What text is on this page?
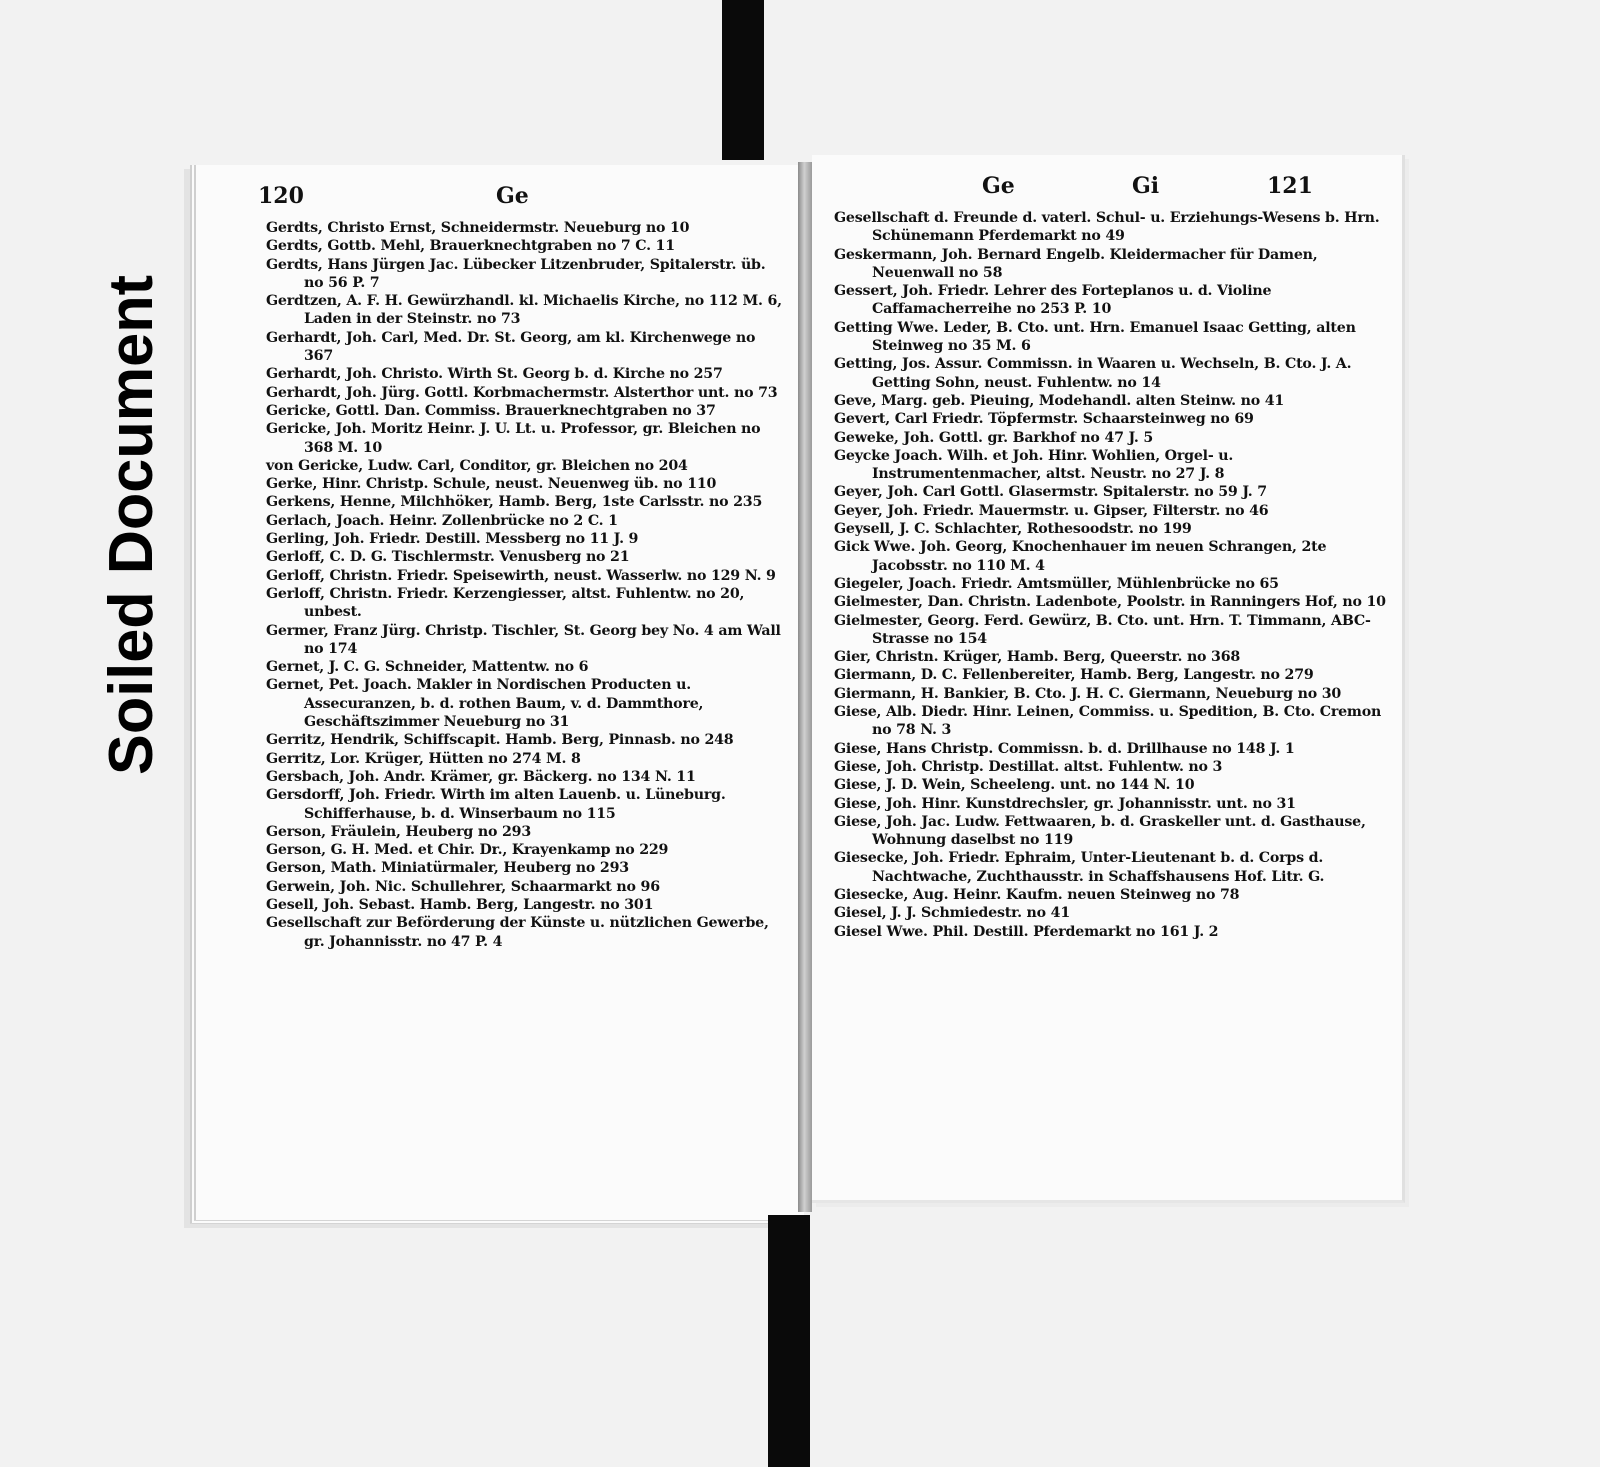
Soiled Document
120	Ge

Gerdts, Christo Ernst, Schneidermstr. Neueburg no 10

Gerdts, Gottb. Mehl, Brauerknechtgraben no 7 C. 11

Gerdts, Hans Jürgen Jac. Lübecker Litzenbruder, Spitalerstr. üb. no 56 P. 7

Gerdtzen, A. F. H. Gewürzhandl. kl. Michaelis Kirche, no 112 M. 6, Laden in der Steinstr. no 73

Gerhardt, Joh. Carl, Med. Dr. St. Georg, am kl. Kirchenwege no 367

Gerhardt, Joh. Christo. Wirth St. Georg b. d. Kirche no 257

Gerhardt, Joh. Jürg. Gottl. Korbmachermstr. Alsterthor unt. no 73

Gericke, Gottl. Dan. Commiss. Brauerknechtgraben no 37

Gericke, Joh. Moritz Heinr. J. U. Lt. u. Professor, gr. Bleichen no 368 M. 10

von Gericke, Ludw. Carl, Conditor, gr. Bleichen no 204

Gerke, Hinr. Christp. Schule, neust. Neuenweg üb. no 110

Gerkens, Henne, Milchhöker, Hamb. Berg, 1ste Carlsstr. no 235

Gerlach, Joach. Heinr. Zollenbrücke no 2 C. 1

Gerling, Joh. Friedr. Destill. Messberg no 11 J. 9

Gerloff, C. D. G. Tischlermstr. Venusberg no 21

Gerloff, Christn. Friedr. Speisewirth, neust. Wasserlw. no 129 N. 9

Gerloff, Christn. Friedr. Kerzengiesser, altst. Fuhlentw. no 20, unbest.

Germer, Franz Jürg. Christp. Tischler, St. Georg bey No. 4 am Wall no 174

Gernet, J. C. G. Schneider, Mattentw. no 6

Gernet, Pet. Joach. Makler in Nordischen Producten u. Assecuranzen, b. d. rothen Baum, v. d. Dammthore, Geschäftszimmer Neueburg no 31

Gerritz, Hendrik, Schiffscapit. Hamb. Berg, Pinnasb. no 248

Gerritz, Lor. Krüger, Hütten no 274 M. 8

Gersbach, Joh. Andr. Krämer, gr. Bäckerg. no 134 N. 11

Gersdorff, Joh. Friedr. Wirth im alten Lauenb. u. Lüneburg. Schifferhause, b. d. Winserbaum no 115

Gerson, Fräulein, Heuberg no 293

Gerson, G. H. Med. et Chir. Dr., Krayenkamp no 229

Gerson, Math. Miniatürmaler, Heuberg no 293

Gerwein, Joh. Nic. Schullehrer, Schaarmarkt no 96

Gesell, Joh. Sebast. Hamb. Berg, Langestr. no 301

Gesellschaft zur Beförderung der Künste u. nützlichen Gewerbe, gr. Johannisstr. no 47 P. 4

Ge	Gi	121

Gesellschaft d. Freunde d. vaterl. Schul- u. Erziehungs-Wesens b. Hrn. Schünemann Pferdemarkt no 49

Geskermann, Joh. Bernard Engelb. Kleidermacher für Damen, Neuenwall no 58

Gessert, Joh. Friedr. Lehrer des Forteplanos u. d. Violine Caffamacherreihe no 253 P. 10

Getting Wwe. Leder, B. Cto. unt. Hrn. Emanuel Isaac Getting, alten Steinweg no 35 M. 6

Getting, Jos. Assur. Commissn. in Waaren u. Wechseln, B. Cto. J. A. Getting Sohn, neust. Fuhlentw. no 14

Geve, Marg. geb. Pieuing, Modehandl. alten Steinw. no 41

Gevert, Carl Friedr. Töpfermstr. Schaarsteinweg no 69

Geweke, Joh. Gottl. gr. Barkhof no 47 J. 5

Geycke Joach. Wilh. et Joh. Hinr. Wohlien, Orgel- u. Instrumentenmacher, altst. Neustr. no 27 J. 8

Geyer, Joh. Carl Gottl. Glasermstr. Spitalerstr. no 59 J. 7

Geyer, Joh. Friedr. Mauermstr. u. Gipser, Filterstr. no 46

Geysell, J. C. Schlachter, Rothesoodstr. no 199

Gick Wwe. Joh. Georg, Knochenhauer im neuen Schrangen, 2te Jacobsstr. no 110 M. 4

Giegeler, Joach. Friedr. Amtsmüller, Mühlenbrücke no 65

Gielmester, Dan. Christn. Ladenbote, Poolstr. in Ranningers Hof, no 10

Gielmester, Georg. Ferd. Gewürz, B. Cto. unt. Hrn. T. Timmann, ABC-Strasse no 154

Gier, Christn. Krüger, Hamb. Berg, Queerstr. no 368

Giermann, D. C. Fellenbereiter, Hamb. Berg, Langestr. no 279

Giermann, H. Bankier, B. Cto. J. H. C. Giermann, Neueburg no 30

Giese, Alb. Diedr. Hinr. Leinen, Commiss. u. Spedition, B. Cto. Cremon no 78 N. 3

Giese, Hans Christp. Commissn. b. d. Drillhause no 148 J. 1

Giese, Joh. Christp. Destillat. altst. Fuhlentw. no 3

Giese, J. D. Wein, Scheeleng. unt. no 144 N. 10

Giese, Joh. Hinr. Kunstdrechsler, gr. Johannisstr. unt. no 31

Giese, Joh. Jac. Ludw. Fettwaaren, b. d. Graskeller unt. d. Gasthause, Wohnung daselbst no 119

Giesecke, Joh. Friedr. Ephraim, Unter-Lieutenant b. d. Corps d. Nachtwache, Zuchthausstr. in Schaffshausens Hof. Litr. G.

Giesecke, Aug. Heinr. Kaufm. neuen Steinweg no 78

Giesel, J. J. Schmiedestr. no 41

Giesel Wwe. Phil. Destill. Pferdemarkt no 161 J. 2
